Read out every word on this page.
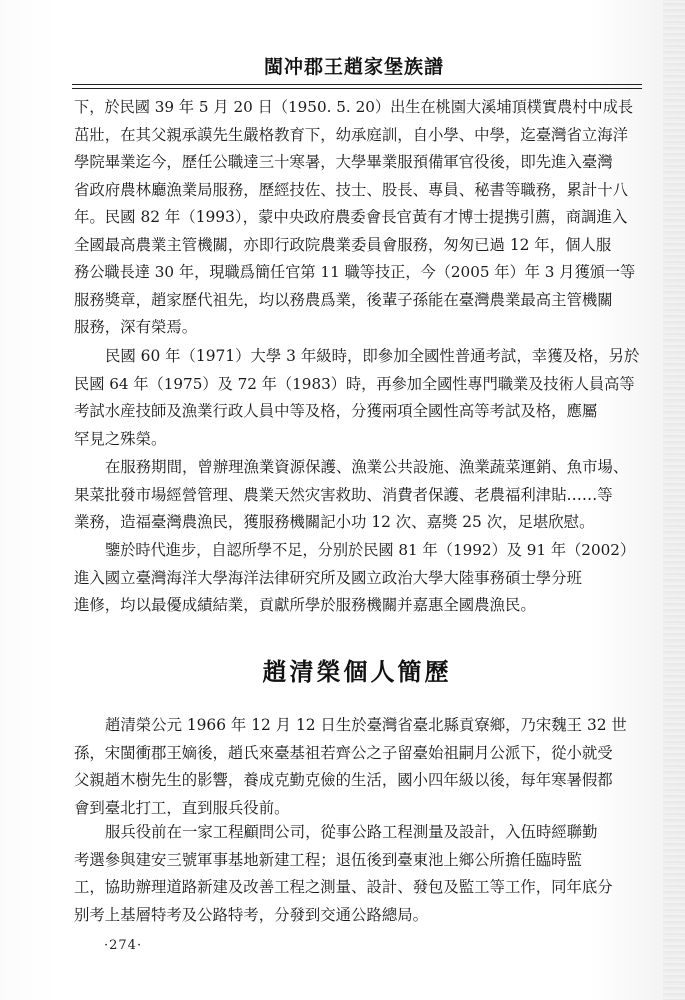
閩冲郡王趙家堡族譜
下，於民國 39 年 5 月 20 日（1950. 5. 20）出生在桃園大溪埔頂樸實農村中成長
茁壯，在其父親承謨先生嚴格教育下，幼承庭訓，自小學、中學，迄臺灣省立海洋
學院畢業迄今，歷任公職達三十寒暑，大學畢業服預備軍官役後，即先進入臺灣
省政府農林廳漁業局服務，歷經技佐、技士、股長、專員、秘書等職務，累計十八
年。民國 82 年（1993），蒙中央政府農委會長官黃有才博士提携引薦，商調進入
全國最高農業主管機關，亦即行政院農業委員會服務，匆匆已過 12 年，個人服
務公職長達 30 年，現職爲簡任官第 11 職等技正，今（2005 年）年 3 月獲頒一等
服務獎章，趙家歷代祖先，均以務農爲業，後輩子孫能在臺灣農業最高主管機關
服務，深有榮焉。
民國 60 年（1971）大學 3 年級時，即參加全國性普通考試，幸獲及格，另於
民國 64 年（1975）及 72 年（1983）時，再參加全國性專門職業及技術人員高等
考試水産技師及漁業行政人員中等及格，分獲兩項全國性高等考試及格，應屬
罕見之殊榮。
在服務期間，曾辦理漁業資源保護、漁業公共設施、漁業蔬菜運銷、魚市場、
果菜批發市場經營管理、農業天然灾害救助、消費者保護、老農福利津貼……等
業務，造福臺灣農漁民，獲服務機關記小功 12 次、嘉獎 25 次，足堪欣慰。
鑒於時代進步，自認所學不足，分别於民國 81 年（1992）及 91 年（2002）
進入國立臺灣海洋大學海洋法律研究所及國立政治大學大陸事務碩士學分班
進修，均以最優成績結業，貢獻所學於服務機關并嘉惠全國農漁民。
趙清榮個人簡歷
趙清榮公元 1966 年 12 月 12 日生於臺灣省臺北縣貢寮鄉，乃宋魏王 32 世
孫，宋閩衝郡王嫡後，趙氏來臺基祖若齊公之子留臺始祖嗣月公派下，從小就受
父親趙木樹先生的影響，養成克勤克儉的生活，國小四年級以後，每年寒暑假都
會到臺北打工，直到服兵役前。
服兵役前在一家工程顧問公司，從事公路工程測量及設計，入伍時經聯勤
考選參與建安三號軍事基地新建工程；退伍後到臺東池上鄉公所擔任臨時監
工，協助辦理道路新建及改善工程之測量、設計、發包及監工等工作，同年底分
别考上基層特考及公路特考，分發到交通公路總局。
·274·
